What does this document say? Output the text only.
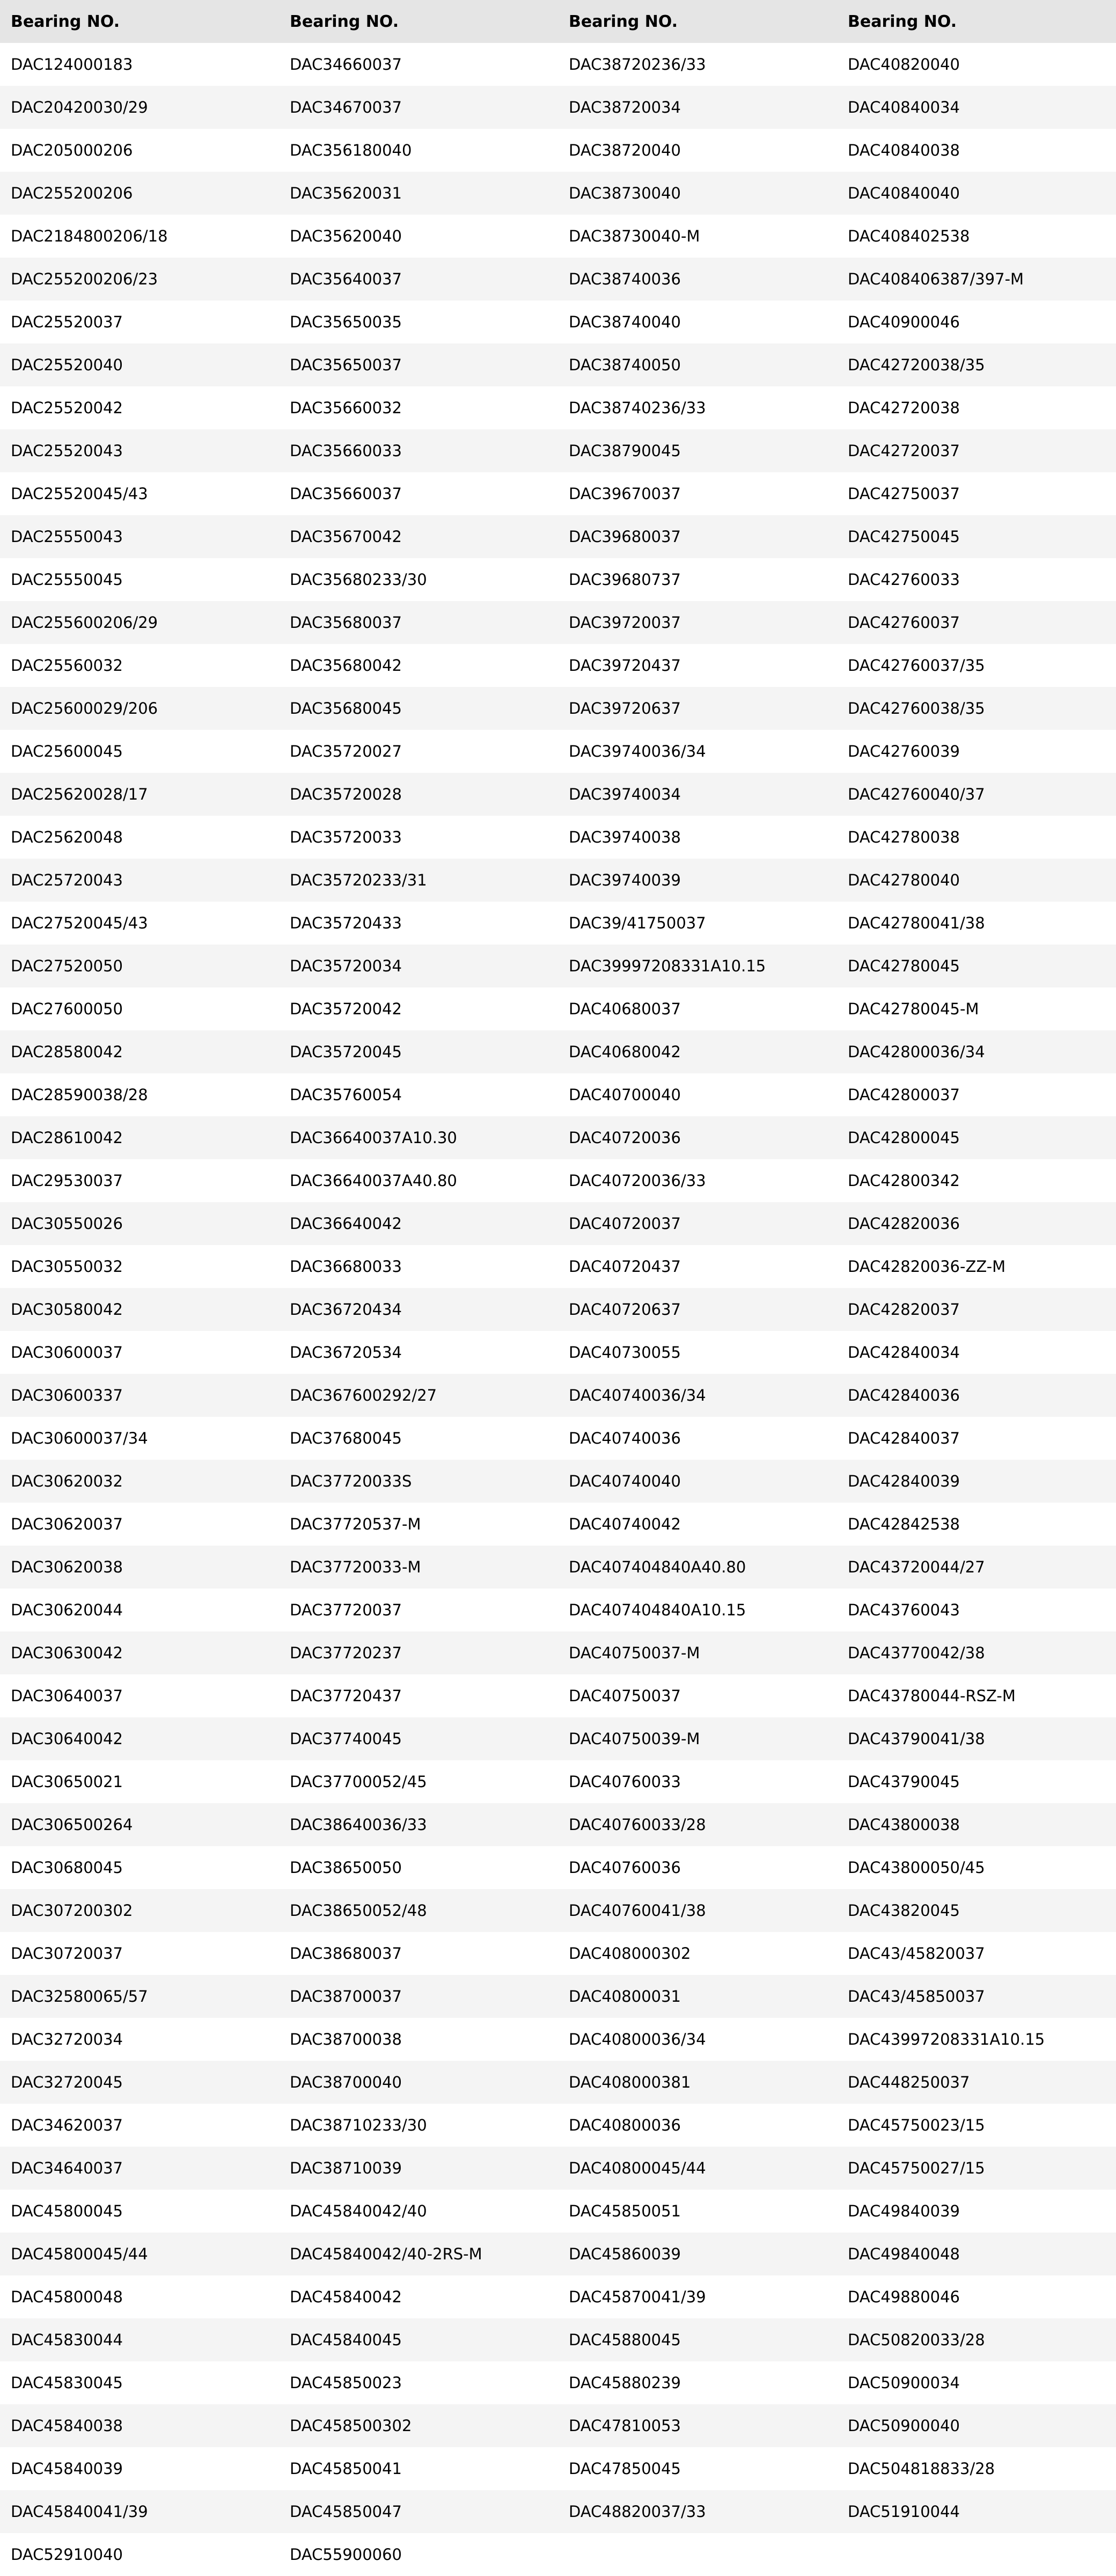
Bearing NO.	Bearing NO.	Bearing NO.	Bearing NO.
DAC124000183	DAC34660037	DAC38720236/33	DAC40820040
DAC20420030/29	DAC34670037	DAC38720034	DAC40840034
DAC205000206	DAC356180040	DAC38720040	DAC40840038
DAC255200206	DAC35620031	DAC38730040	DAC40840040
DAC2184800206/18	DAC35620040	DAC38730040-M	DAC408402538
DAC255200206/23	DAC35640037	DAC38740036	DAC408406387/397-M
DAC25520037	DAC35650035	DAC38740040	DAC40900046
DAC25520040	DAC35650037	DAC38740050	DAC42720038/35
DAC25520042	DAC35660032	DAC38740236/33	DAC42720038
DAC25520043	DAC35660033	DAC38790045	DAC42720037
DAC25520045/43	DAC35660037	DAC39670037	DAC42750037
DAC25550043	DAC35670042	DAC39680037	DAC42750045
DAC25550045	DAC35680233/30	DAC39680737	DAC42760033
DAC255600206/29	DAC35680037	DAC39720037	DAC42760037
DAC25560032	DAC35680042	DAC39720437	DAC42760037/35
DAC25600029/206	DAC35680045	DAC39720637	DAC42760038/35
DAC25600045	DAC35720027	DAC39740036/34	DAC42760039
DAC25620028/17	DAC35720028	DAC39740034	DAC42760040/37
DAC25620048	DAC35720033	DAC39740038	DAC42780038
DAC25720043	DAC35720233/31	DAC39740039	DAC42780040
DAC27520045/43	DAC35720433	DAC39/41750037	DAC42780041/38
DAC27520050	DAC35720034	DAC39997208331A10.15	DAC42780045
DAC27600050	DAC35720042	DAC40680037	DAC42780045-M
DAC28580042	DAC35720045	DAC40680042	DAC42800036/34
DAC28590038/28	DAC35760054	DAC40700040	DAC42800037
DAC28610042	DAC36640037A10.30	DAC40720036	DAC42800045
DAC29530037	DAC36640037A40.80	DAC40720036/33	DAC42800342
DAC30550026	DAC36640042	DAC40720037	DAC42820036
DAC30550032	DAC36680033	DAC40720437	DAC42820036-ZZ-M
DAC30580042	DAC36720434	DAC40720637	DAC42820037
DAC30600037	DAC36720534	DAC40730055	DAC42840034
DAC30600337	DAC367600292/27	DAC40740036/34	DAC42840036
DAC30600037/34	DAC37680045	DAC40740036	DAC42840037
DAC30620032	DAC37720033S	DAC40740040	DAC42840039
DAC30620037	DAC37720537-M	DAC40740042	DAC42842538
DAC30620038	DAC37720033-M	DAC407404840A40.80	DAC43720044/27
DAC30620044	DAC37720037	DAC407404840A10.15	DAC43760043
DAC30630042	DAC37720237	DAC40750037-M	DAC43770042/38
DAC30640037	DAC37720437	DAC40750037	DAC43780044-RSZ-M
DAC30640042	DAC37740045	DAC40750039-M	DAC43790041/38
DAC30650021	DAC37700052/45	DAC40760033	DAC43790045
DAC306500264	DAC38640036/33	DAC40760033/28	DAC43800038
DAC30680045	DAC38650050	DAC40760036	DAC43800050/45
DAC307200302	DAC38650052/48	DAC40760041/38	DAC43820045
DAC30720037	DAC38680037	DAC408000302	DAC43/45820037
DAC32580065/57	DAC38700037	DAC40800031	DAC43/45850037
DAC32720034	DAC38700038	DAC40800036/34	DAC43997208331A10.15
DAC32720045	DAC38700040	DAC408000381	DAC448250037
DAC34620037	DAC38710233/30	DAC40800036	DAC45750023/15
DAC34640037	DAC38710039	DAC40800045/44	DAC45750027/15
DAC45800045	DAC45840042/40	DAC45850051	DAC49840039
DAC45800045/44	DAC45840042/40-2RS-M	DAC45860039	DAC49840048
DAC45800048	DAC45840042	DAC45870041/39	DAC49880046
DAC45830044	DAC45840045	DAC45880045	DAC50820033/28
DAC45830045	DAC45850023	DAC45880239	DAC50900034
DAC45840038	DAC458500302	DAC47810053	DAC50900040
DAC45840039	DAC45850041	DAC47850045	DAC504818833/28
DAC45840041/39	DAC45850047	DAC48820037/33	DAC51910044
DAC52910040	DAC55900060		
